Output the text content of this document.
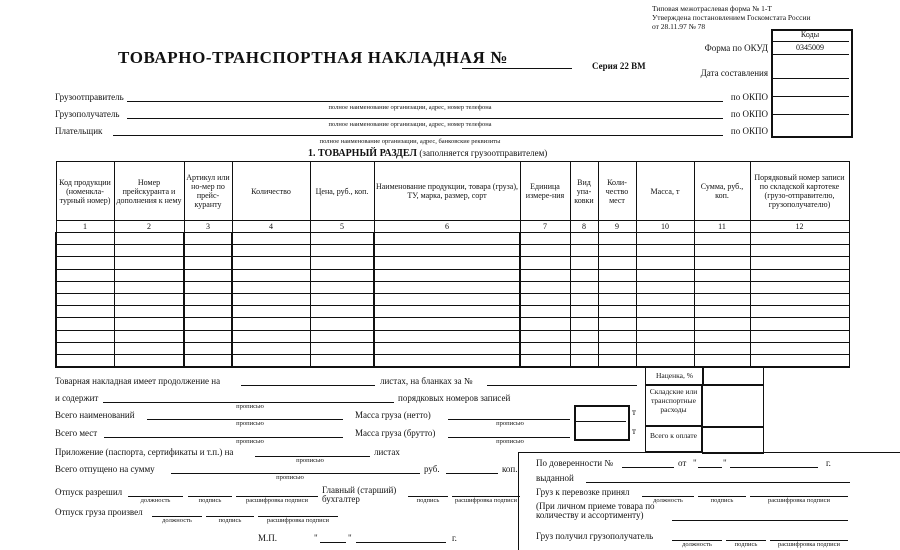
Типовая межотраслевая форма № 1-Т
Утверждена постановлением Госкомстата России
от 28.11.97 № 78
ТОВАРНО-ТРАНСПОРТНАЯ НАКЛАДНАЯ №	Серия 22 ВМ
Коды
0345009
Форма по ОКУД
Дата составления
Грузоотправитель
полное наименование организации, адрес, номер телефона
по ОКПО
Грузополучатель
полное наименование организации, адрес, номер телефона
по ОКПО
Плательщик
полное наименование организации, адрес, банковские реквизиты
по ОКПО
1. ТОВАРНЫЙ РАЗДЕЛ (заполняется грузоотправителем)
Код продукции (номенкла-турный номер)	Номер прейскуранта и дополнения к нему	Артикул или но-мер по прейс-куранту	Количество	Цена, руб., коп.	Наименование продукции, товара (груза), ТУ, марка, размер, сорт	Единица измере-ния	Вид упа-ковки	Коли-чество мест	Масса, т	Сумма, руб., коп.	Порядковый номер записи по складской картотеке (грузо-отправителю, грузополучателю)
1	2	3	4	5	6	7	8	9	10	11	12

Товарная накладная имеет продолжение на	листах, на бланках за №
и содержит
прописью
порядковых номеров записей
Всего наименований
прописью
Масса груза (нетто)
прописью
Всего мест
прописью
Масса груза (брутто)
прописью
т
т
Приложение (паспорта, сертификаты и т.п.) на
прописью
листах
Всего отпущено на сумму
прописью
руб.	коп.
Отпуск разрешил
должность	подпись	расшифровка подписи
Главный (старший) бухгалтер	подпись	расшифровка подписи
Отпуск груза произвел
должность	подпись	расшифровка подписи
М.П.	"	"	г.
Наценка, %
Складские или транспортные расходы
Всего к оплате
По доверенности №	от "	"	г.
выданной
Груз к перевозке принял
должность	подпись	расшифровка подписи
(При личном приеме товара по количеству и ассортименту)
Груз получил грузополучатель
должность	подпись	расшифровка подписи
